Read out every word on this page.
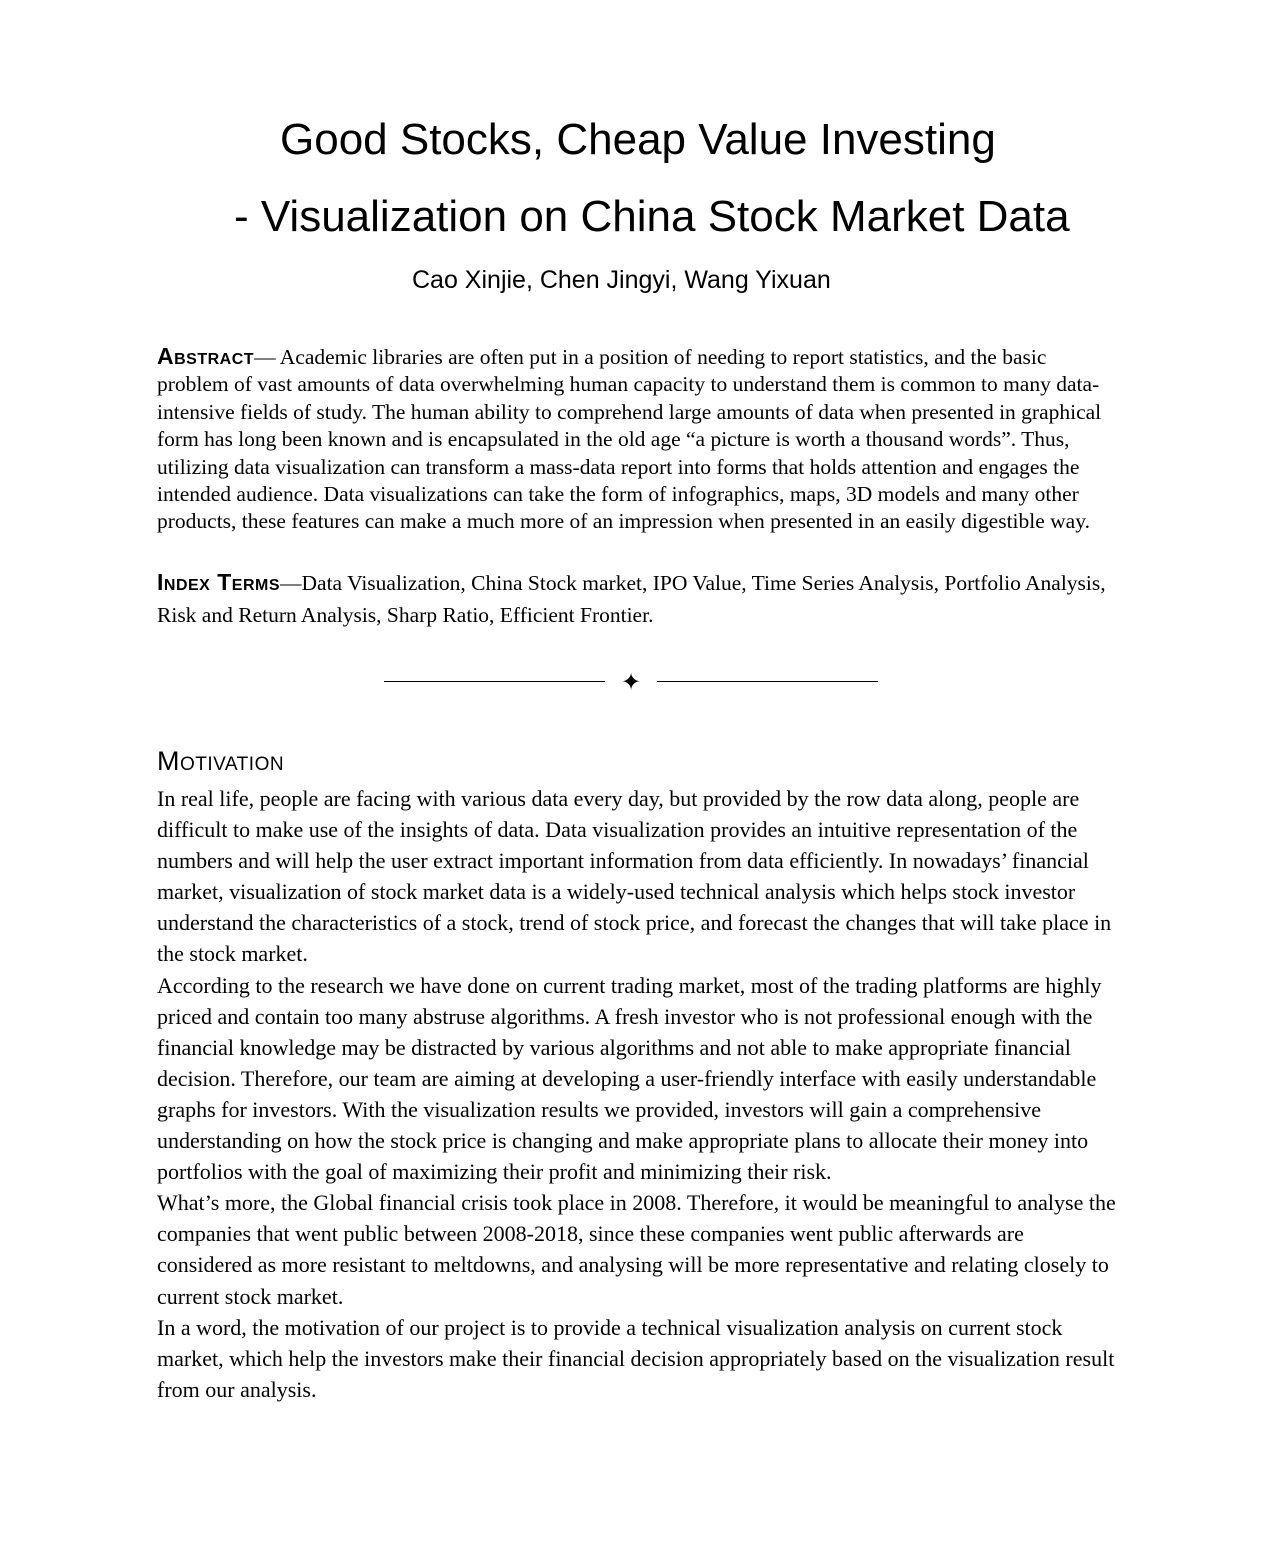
Good Stocks, Cheap Value Investing
- Visualization on China Stock Market Data
Cao Xinjie, Chen Jingyi, Wang Yixuan
Abstract— Academic libraries are often put in a position of needing to report statistics, and the basic problem of vast amounts of data overwhelming human capacity to understand them is common to many data-intensive fields of study. The human ability to comprehend large amounts of data when presented in graphical form has long been known and is encapsulated in the old age “a picture is worth a thousand words”. Thus, utilizing data visualization can transform a mass-data report into forms that holds attention and engages the intended audience. Data visualizations can take the form of infographics, maps, 3D models and many other products, these features can make a much more of an impression when presented in an easily digestible way.
Index Terms—Data Visualization, China Stock market, IPO Value, Time Series Analysis, Portfolio Analysis, Risk and Return Analysis, Sharp Ratio, Efficient Frontier.
✦
Motivation

In real life, people are facing with various data every day, but provided by the row data along, people are difficult to make use of the insights of data. Data visualization provides an intuitive representation of the numbers and will help the user extract important information from data efficiently. In nowadays’ financial market, visualization of stock market data is a widely-used technical analysis which helps stock investor understand the characteristics of a stock, trend of stock price, and forecast the changes that will take place in the stock market.

According to the research we have done on current trading market, most of the trading platforms are highly priced and contain too many abstruse algorithms. A fresh investor who is not professional enough with the financial knowledge may be distracted by various algorithms and not able to make appropriate financial decision. Therefore, our team are aiming at developing a user-friendly interface with easily understandable graphs for investors. With the visualization results we provided, investors will gain a comprehensive understanding on how the stock price is changing and make appropriate plans to allocate their money into portfolios with the goal of maximizing their profit and minimizing their risk.

What’s more, the Global financial crisis took place in 2008. Therefore, it would be meaningful to analyse the companies that went public between 2008-2018, since these companies went public afterwards are considered as more resistant to meltdowns, and analysing will be more representative and relating closely to current stock market.

In a word, the motivation of our project is to provide a technical visualization analysis on current stock market, which help the investors make their financial decision appropriately based on the visualization result from our analysis.
